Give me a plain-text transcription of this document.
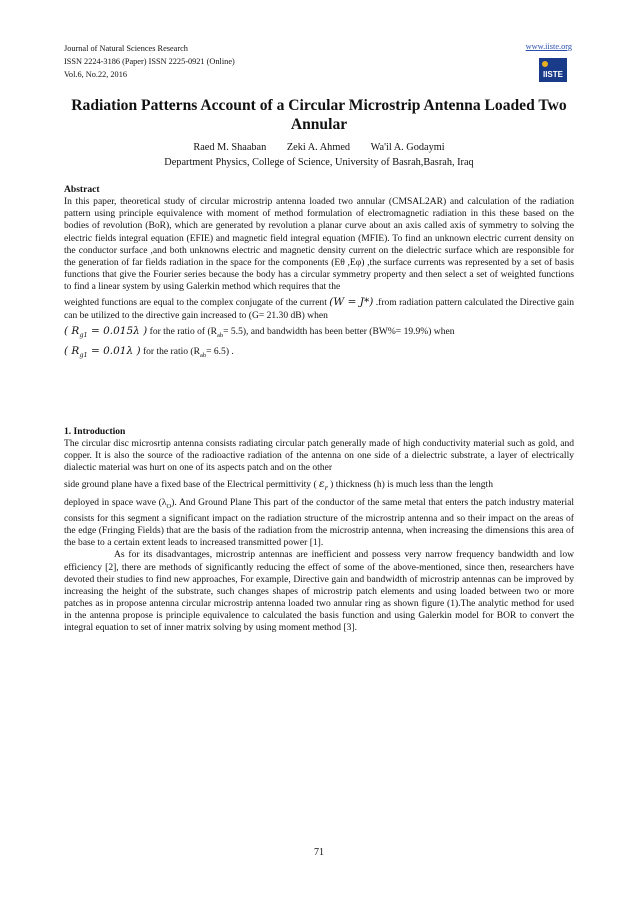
Journal of Natural Sciences Research
ISSN 2224-3186 (Paper) ISSN 2225-0921 (Online)
Vol.6, No.22, 2016
www.iiste.org
IISTE
Radiation Patterns Account of a Circular Microstrip Antenna Loaded Two Annular
Raed M. Shaaban Zeki A. Ahmed Wa'il A. Godaymi
Department Physics, College of Science, University of Basrah,Basrah, Iraq

Abstract

In this paper, theoretical study of circular microstrip antenna loaded two annular (CMSAL2AR) and calculation of the radiation pattern using principle equivalence with moment of method formulation of electromagnetic radiation in this these based on the bodies of revolution (BoR), which are generated by revolution a planar curve about an axis called axis of symmetry to solving the electric fields integral equation (EFIE) and magnetic field integral equation (MFIE). To find an unknown electric current density on the conductor surface ,and both unknowns electric and magnetic density current on the dielectric surface which are responsible for the generation of far fields radiation in the space for the components (Eθ ,Eφ) ,the surface currents was represented by a set of basis functions that give the Fourier series because the body has a circular symmetry property and then select a set of weighted functions to find a linear system by using Galerkin method which requires that the

weighted functions are equal to the complex conjugate of the current (W = J*) .from radiation pattern calculated the Directive gain can be utilized to the directive gain increased to (G= 21.30 dB) when

( $R_{g1} = 0.015\lambda$ ) for the ratio of $(R_{ab}= 5.5)$, and bandwidth has been better (BW%= 19.9%) when

( $R_{g1} = 0.01\lambda$ ) for the ratio $(R_{ab}= 6.5)$ .

1. Introduction

The circular disc microsrtip antenna consists radiating circular patch generally made of high conductivity material such as gold, and copper. It is also the source of the radioactive radiation of the antenna on one side of a dielectric substrate, a layer of electrically dialectic material was hurt on one of its aspects patch and on the other

side ground plane have a fixed base of the Electrical permittivity ( $\varepsilon_r$ ) thickness (h) is much less than the length

deployed in space wave $(\lambda_O)$. And Ground Plane This part of the conductor of the same metal that enters the patch industry material consists for this segment a significant impact on the radiation structure of the microstrip antenna and so their impact on the areas of the edge (Fringing Fields) that are the basis of the radiation from the microstrip antenna, when increasing the dimensions this area of the base to a certain extent leads to increased transmitted power [1].

As for its disadvantages, microstrip antennas are inefficient and possess very narrow frequency bandwidth and low efficiency [2], there are methods of significantly reducing the effect of some of the above-mentioned, since then, researchers have devoted their studies to find new approaches, For example, Directive gain and bandwidth of microstrip antennas can be improved by increasing the height of the substrate, such changes shapes of microstrip patch elements and using loaded between two or more patches as in propose antenna circular microstrip antenna loaded two annular ring as shown figure (1).The analytic method for used in the antenna propose is principle equivalence to calculated the basis function and using Galerkin model for BOR to convert the integral equation to set of inner matrix solving by using moment method [3].

71
